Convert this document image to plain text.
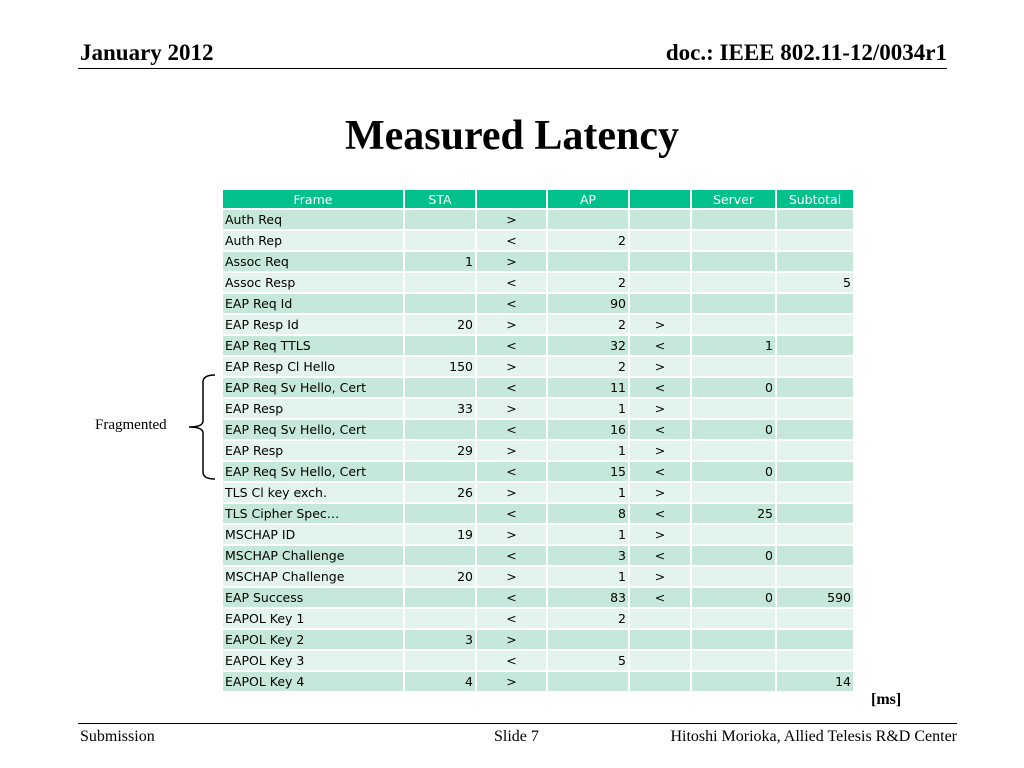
January 2012	doc.: IEEE 802.11-12/0034r1
Measured Latency
Frame	STA		AP		Server	Subtotal
Auth Req		>				
Auth Rep		<	2			
Assoc Req	1	>				
Assoc Resp		<	2			5
EAP Req Id		<	90			
EAP Resp Id	20	>	2	>		
EAP Req TTLS		<	32	<	1	
EAP Resp Cl Hello	150	>	2	>		
EAP Req Sv Hello, Cert		<	11	<	0	
EAP Resp	33	>	1	>		
EAP Req Sv Hello, Cert		<	16	<	0	
EAP Resp	29	>	1	>		
EAP Req Sv Hello, Cert		<	15	<	0	
TLS Cl key exch.	26	>	1	>		
TLS Cipher Spec…		<	8	<	25	
MSCHAP ID	19	>	1	>		
MSCHAP Challenge		<	3	<	0	
MSCHAP Challenge	20	>	1	>		
EAP Success		<	83	<	0	590
EAPOL Key 1		<	2			
EAPOL Key 2	3	>				
EAPOL Key 3		<	5			
EAPOL Key 4	4	>				14
Fragmented
[ms]
Submission	Slide 7	Hitoshi Morioka, Allied Telesis R&D Center
